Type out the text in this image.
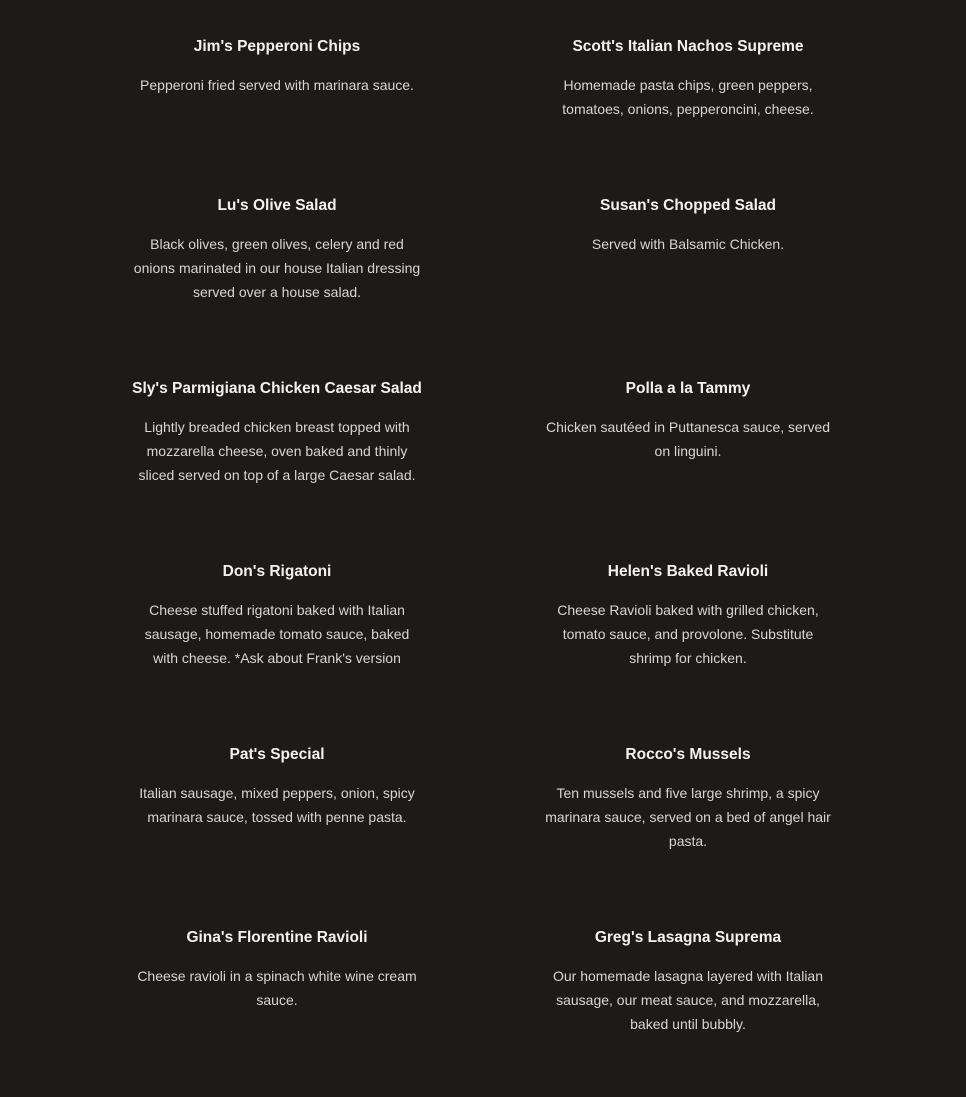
Jim's Pepperoni Chips

Pepperoni fried served with marinara sauce.

Scott's Italian Nachos Supreme

Homemade pasta chips, green peppers, tomatoes, onions, pepperoncini, cheese.

Lu's Olive Salad

Black olives, green olives, celery and red onions marinated in our house Italian dressing served over a house salad.

Susan's Chopped Salad

Served with Balsamic Chicken.

Sly's Parmigiana Chicken Caesar Salad

Lightly breaded chicken breast topped with mozzarella cheese, oven baked and thinly sliced served on top of a large Caesar salad.

Polla a la Tammy

Chicken sautéed in Puttanesca sauce, served on linguini.

Don's Rigatoni

Cheese stuffed rigatoni baked with Italian sausage, homemade tomato sauce, baked with cheese. *Ask about Frank's version

Helen's Baked Ravioli

Cheese Ravioli baked with grilled chicken, tomato sauce, and provolone. Substitute shrimp for chicken.

Pat's Special

Italian sausage, mixed peppers, onion, spicy marinara sauce, tossed with penne pasta.

Rocco's Mussels

Ten mussels and five large shrimp, a spicy marinara sauce, served on a bed of angel hair pasta.

Gina's Florentine Ravioli

Cheese ravioli in a spinach white wine cream sauce.

Greg's Lasagna Suprema

Our homemade lasagna layered with Italian sausage, our meat sauce, and mozzarella, baked until bubbly.
